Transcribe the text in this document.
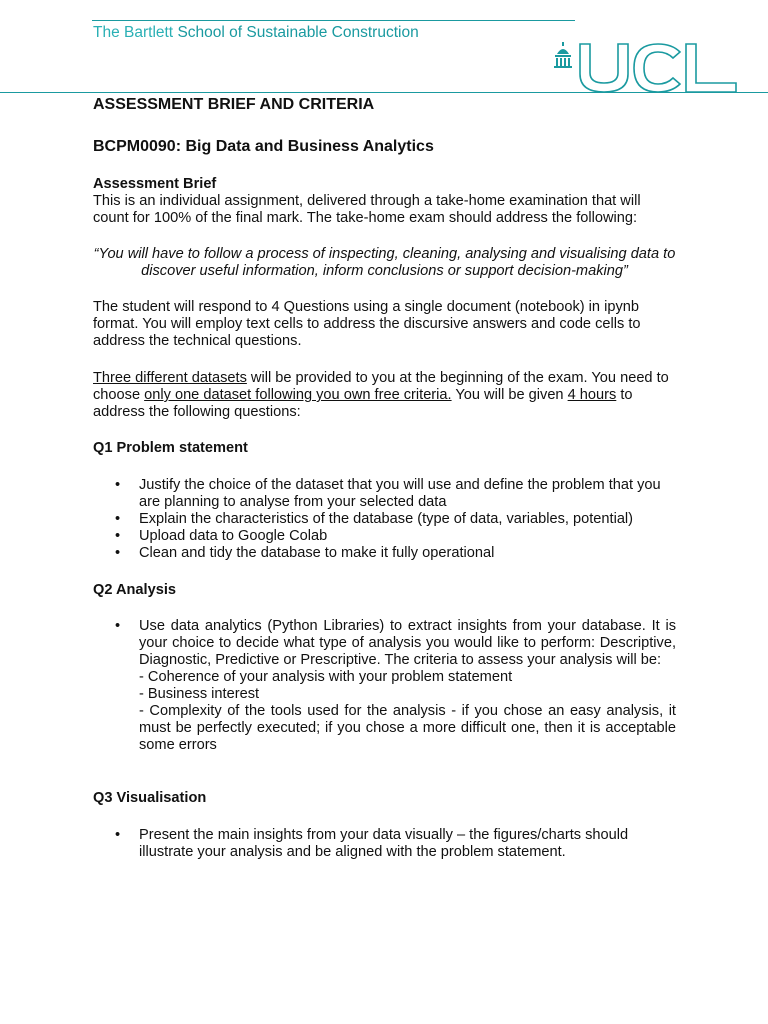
The Bartlett School of Sustainable Construction
ASSESSMENT BRIEF AND CRITERIA
BCPM0090: Big Data and Business Analytics
Assessment Brief
This is an individual assignment, delivered through a take-home examination that will count for 100% of the final mark. The take-home exam should address the following:
“You will have to follow a process of inspecting, cleaning, analysing and visualising data to discover useful information, inform conclusions or support decision-making”
The student will respond to 4 Questions using a single document (notebook) in ipynb format. You will employ text cells to address the discursive answers and code cells to address the technical questions.
Three different datasets will be provided to you at the beginning of the exam. You need to choose only one dataset following you own free criteria. You will be given 4 hours to address the following questions:
Q1 Problem statement
• Justify the choice of the dataset that you will use and define the problem that you are planning to analyse from your selected data
• Explain the characteristics of the database (type of data, variables, potential)
• Upload data to Google Colab
• Clean and tidy the database to make it fully operational
Q2 Analysis
• Use data analytics (Python Libraries) to extract insights from your database. It is your choice to decide what type of analysis you would like to perform: Descriptive, Diagnostic, Predictive or Prescriptive. The criteria to assess your analysis will be:
- Coherence of your analysis with your problem statement
- Business interest
- Complexity of the tools used for the analysis - if you chose an easy analysis, it must be perfectly executed; if you chose a more difficult one, then it is acceptable some errors
Q3 Visualisation
• Present the main insights from your data visually – the figures/charts should illustrate your analysis and be aligned with the problem statement.
